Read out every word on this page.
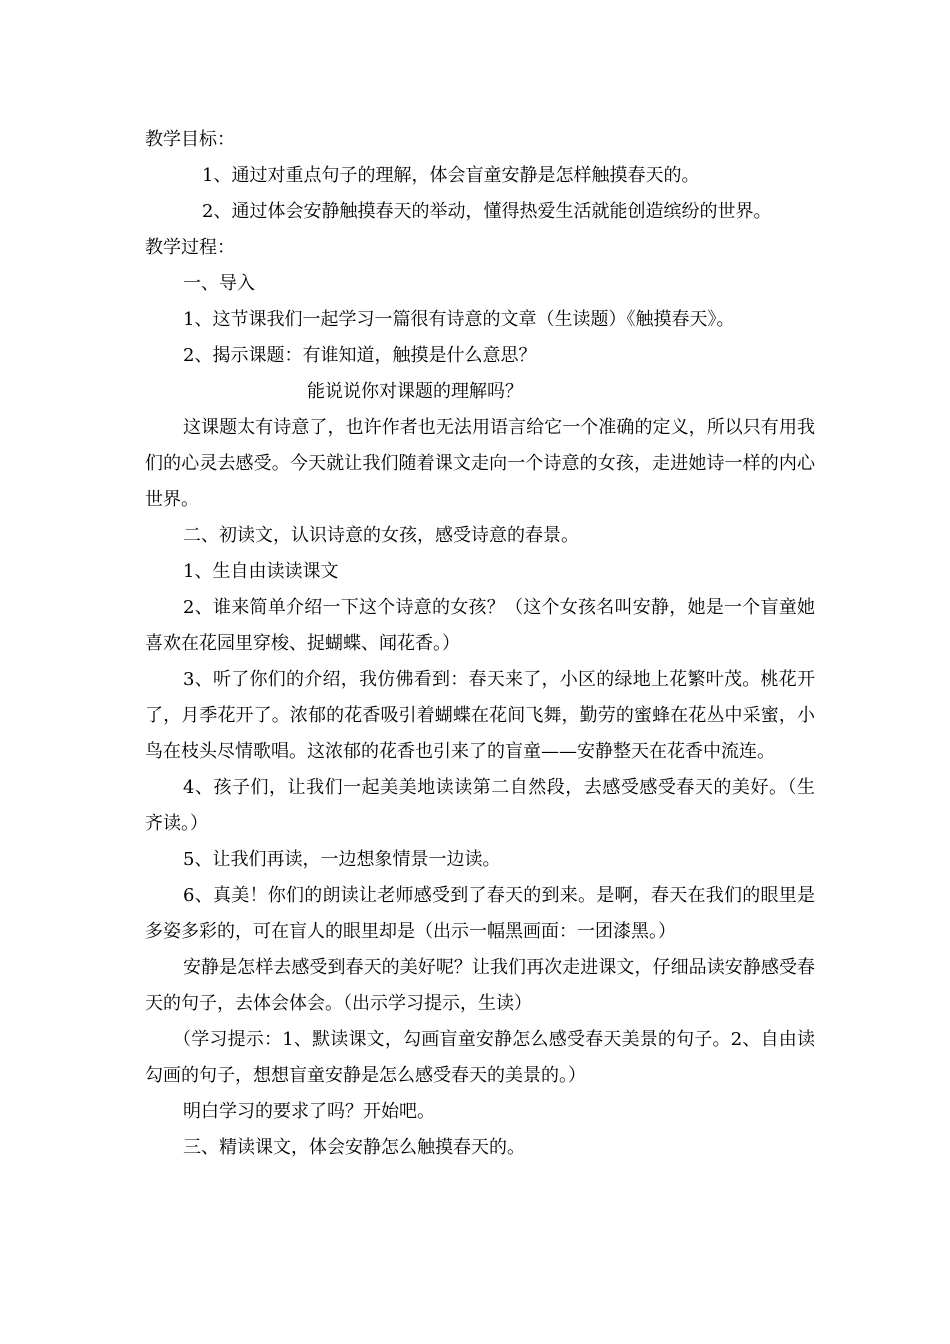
教学目标：

1、通过对重点句子的理解，体会盲童安静是怎样触摸春天的。

2、通过体会安静触摸春天的举动，懂得热爱生活就能创造缤纷的世界。

教学过程：

一、导入

1、这节课我们一起学习一篇很有诗意的文章（生读题）《触摸春天》。

2、揭示课题：有谁知道，触摸是什么意思？

能说说你对课题的理解吗？

这课题太有诗意了，也许作者也无法用语言给它一个准确的定义，所以只有用我们的心灵去感受。今天就让我们随着课文走向一个诗意的女孩，走进她诗一样的内心世界。

二、初读文，认识诗意的女孩，感受诗意的春景。

1、生自由读读课文

2、谁来简单介绍一下这个诗意的女孩？（这个女孩名叫安静，她是一个盲童她喜欢在花园里穿梭、捉蝴蝶、闻花香。）

3、听了你们的介绍，我仿佛看到：春天来了，小区的绿地上花繁叶茂。桃花开了，月季花开了。浓郁的花香吸引着蝴蝶在花间飞舞，勤劳的蜜蜂在花丛中采蜜，小鸟在枝头尽情歌唱。这浓郁的花香也引来了的盲童——安静整天在花香中流连。

4、孩子们，让我们一起美美地读读第二自然段，去感受感受春天的美好。（生齐读。）

5、让我们再读，一边想象情景一边读。

6、真美！你们的朗读让老师感受到了春天的到来。是啊，春天在我们的眼里是多姿多彩的，可在盲人的眼里却是（出示一幅黑画面：一团漆黑。）

安静是怎样去感受到春天的美好呢？让我们再次走进课文，仔细品读安静感受春天的句子，去体会体会。（出示学习提示，生读）

（学习提示：1、默读课文，勾画盲童安静怎么感受春天美景的句子。2、自由读勾画的句子，想想盲童安静是怎么感受春天的美景的。）

明白学习的要求了吗？开始吧。

三、精读课文，体会安静怎么触摸春天的。
